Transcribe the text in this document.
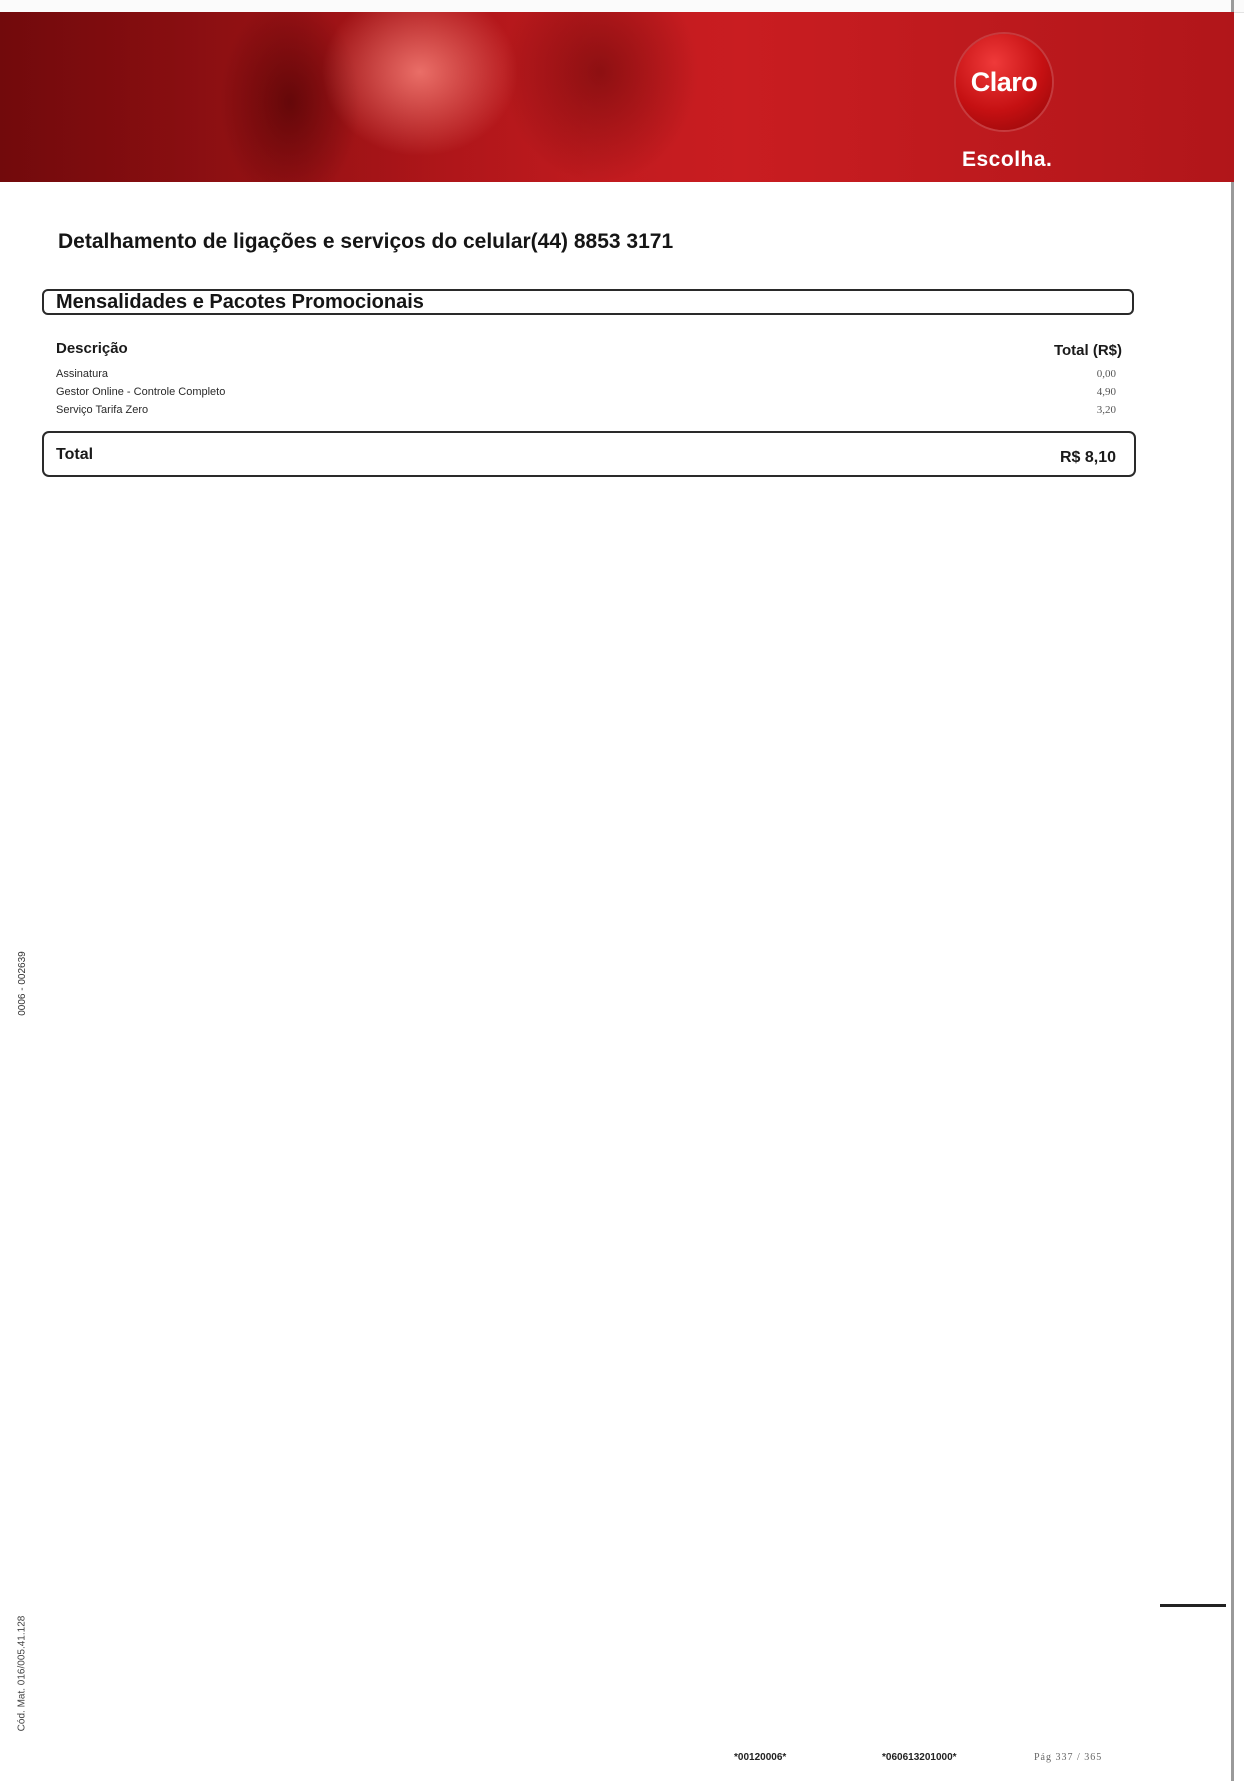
Claro
Escolha.
Detalhamento de ligações e serviços do celular(44) 8853 3171
Mensalidades e Pacotes Promocionais
Descrição	Total (R$)
Assinatura	0,00
Gestor Online - Controle Completo	4,90
Serviço Tarifa Zero	3,20
Total	R$ 8,10
0006 - 002639
Cód. Mat. 016/005.41.128
*00120006*	*060613201000*	Pág 337 / 365
